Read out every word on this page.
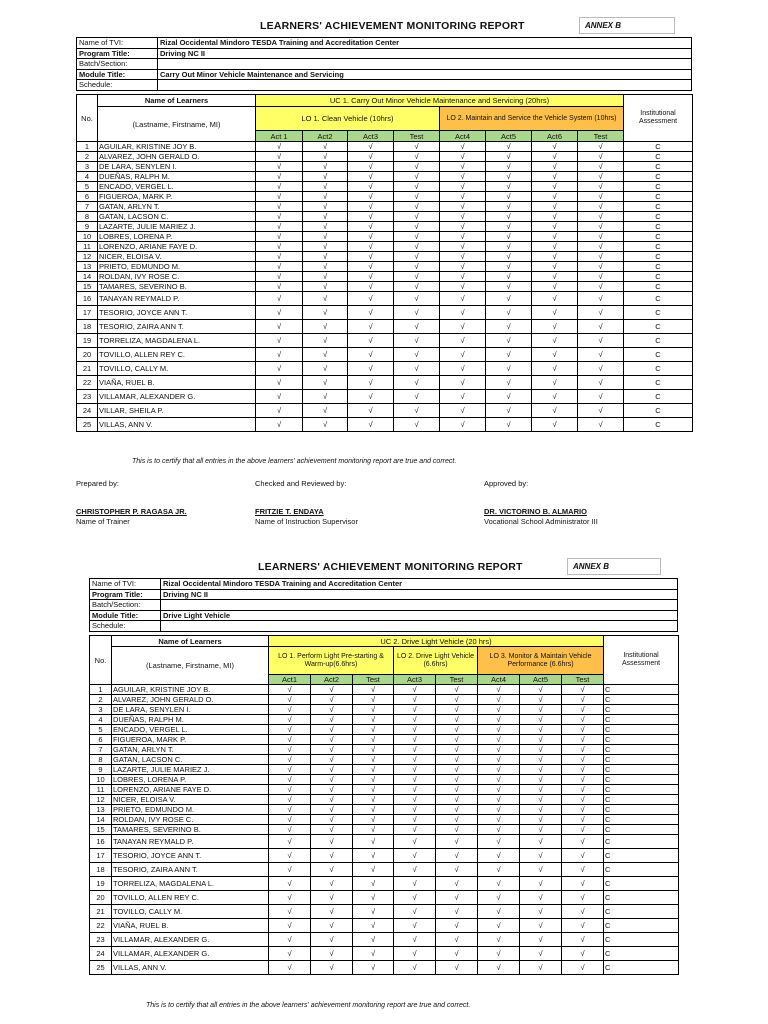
LEARNERS' ACHIEVEMENT MONITORING REPORT	ANNEX B
Name of TVI:	Rizal Occidental Mindoro TESDA Training and Accreditation Center
Program Title:	Driving NC II
Batch/Section:	
Module Title:	Carry Out Minor Vehicle Maintenance and Servicing
Schedule:	
No.	Name of Learners	UC 1. Carry Out Minor Vehicle Maintenance and Servicing (20hrs)								Institutional Assessment
	(Lastname, Firstname, MI)	LO 1. Clean Vehicle (10hrs)				LO 2. Maintain and Service the Vehicle System (10hrs)				
		Act 1	Act2	Act3	Test	Act4	Act5	Act6	Test	
1	AGUILAR, KRISTINE JOY B.	√	√	√	√	√	√	√	√	C
2	ALVAREZ, JOHN GERALD O.	√	√	√	√	√	√	√	√	C
3	DE LARA, SENYLEN I.	√	√	√	√	√	√	√	√	C
4	DUEÑAS, RALPH M.	√	√	√	√	√	√	√	√	C
5	ENCADO, VERGEL L.	√	√	√	√	√	√	√	√	C
6	FIGUEROA, MARK P.	√	√	√	√	√	√	√	√	C
7	GATAN, ARLYN T.	√	√	√	√	√	√	√	√	C
8	GATAN, LACSON C.	√	√	√	√	√	√	√	√	C
9	LAZARTE, JULIE MARIEZ J.	√	√	√	√	√	√	√	√	C
10	LOBRES, LORENA P.	√	√	√	√	√	√	√	√	C
11	LORENZO, ARIANE FAYE D.	√	√	√	√	√	√	√	√	C
12	NICER, ELOISA V.	√	√	√	√	√	√	√	√	C
13	PRIETO, EDMUNDO M.	√	√	√	√	√	√	√	√	C
14	ROLDAN, IVY ROSE C.	√	√	√	√	√	√	√	√	C
15	TAMARES, SEVERINO B.	√	√	√	√	√	√	√	√	C
16	TANAYAN REYMALD P.	√	√	√	√	√	√	√	√	C
17	TESORIO, JOYCE ANN T.	√	√	√	√	√	√	√	√	C
18	TESORIO, ZAIRA ANN T.	√	√	√	√	√	√	√	√	C
19	TORRELIZA, MAGDALENA L.	√	√	√	√	√	√	√	√	C
20	TOVILLO, ALLEN REY C.	√	√	√	√	√	√	√	√	C
21	TOVILLO, CALLY M.	√	√	√	√	√	√	√	√	C
22	VIAÑA, RUEL B.	√	√	√	√	√	√	√	√	C
23	VILLAMAR, ALEXANDER G.	√	√	√	√	√	√	√	√	C
24	VILLAR, SHEILA P.	√	√	√	√	√	√	√	√	C
25	VILLAS, ANN V.	√	√	√	√	√	√	√	√	C
This is to certify that all entries in the above learners' achievement monitoring report are true and correct.
Prepared by:	Checked and Reviewed by:	Approved by:
CHRISTOPHER P. RAGASA JR.	FRITZIE T. ENDAYA	DR. VICTORINO B. ALMARIO
Name of Trainer	Name of Instruction Supervisor	Vocational School Administrator III
LEARNERS' ACHIEVEMENT MONITORING REPORT	ANNEX B
Name of TVI:	Rizal Occidental Mindoro TESDA Training and Accreditation Center
Program Title:	Driving NC II
Batch/Section:	
Module Title:	Drive Light Vehicle
Schedule:	
No.	Name of Learners	UC 2. Drive Light Vehicle (20 hrs)								Institutional Assessment
	(Lastname, Firstname, MI)	LO 1. Perform Light Pre-starting & Warm-up(6.6hrs)			LO 2. Drive Light Vehicle (6.6hrs)		LO 3. Monitor & Maintain Vehicle Performance (6.6hrs)			
		Act1	Act2	Test	Act3	Test	Act4	Act5	Test	
1	AGUILAR, KRISTINE JOY B.	√	√	√	√	√	√	√	√	C
2	ALVAREZ, JOHN GERALD O.	√	√	√	√	√	√	√	√	C
3	DE LARA, SENYLEN I.	√	√	√	√	√	√	√	√	C
4	DUEÑAS, RALPH M.	√	√	√	√	√	√	√	√	C
5	ENCADO, VERGEL L.	√	√	√	√	√	√	√	√	C
6	FIGUEROA, MARK P.	√	√	√	√	√	√	√	√	C
7	GATAN, ARLYN T.	√	√	√	√	√	√	√	√	C
8	GATAN, LACSON C.	√	√	√	√	√	√	√	√	C
9	LAZARTE, JULIE MARIEZ J.	√	√	√	√	√	√	√	√	C
10	LOBRES, LORENA P.	√	√	√	√	√	√	√	√	C
11	LORENZO, ARIANE FAYE D.	√	√	√	√	√	√	√	√	C
12	NICER, ELOISA V.	√	√	√	√	√	√	√	√	C
13	PRIETO, EDMUNDO M.	√	√	√	√	√	√	√	√	C
14	ROLDAN, IVY ROSE C.	√	√	√	√	√	√	√	√	C
15	TAMARES, SEVERINO B.	√	√	√	√	√	√	√	√	C
16	TANAYAN REYMALD P.	√	√	√	√	√	√	√	√	C
17	TESORIO, JOYCE ANN T.	√	√	√	√	√	√	√	√	C
18	TESORIO, ZAIRA ANN T.	√	√	√	√	√	√	√	√	C
19	TORRELIZA, MAGDALENA L.	√	√	√	√	√	√	√	√	C
20	TOVILLO, ALLEN REY C.	√	√	√	√	√	√	√	√	C
21	TOVILLO, CALLY M.	√	√	√	√	√	√	√	√	C
22	VIAÑA, RUEL B.	√	√	√	√	√	√	√	√	C
23	VILLAMAR, ALEXANDER G.	√	√	√	√	√	√	√	√	C
24	VILLAMAR, ALEXANDER G.	√	√	√	√	√	√	√	√	C
25	VILLAS, ANN V.	√	√	√	√	√	√	√	√	C
This is to certify that all entries in the above learners' achievement monitoring report are true and correct.
